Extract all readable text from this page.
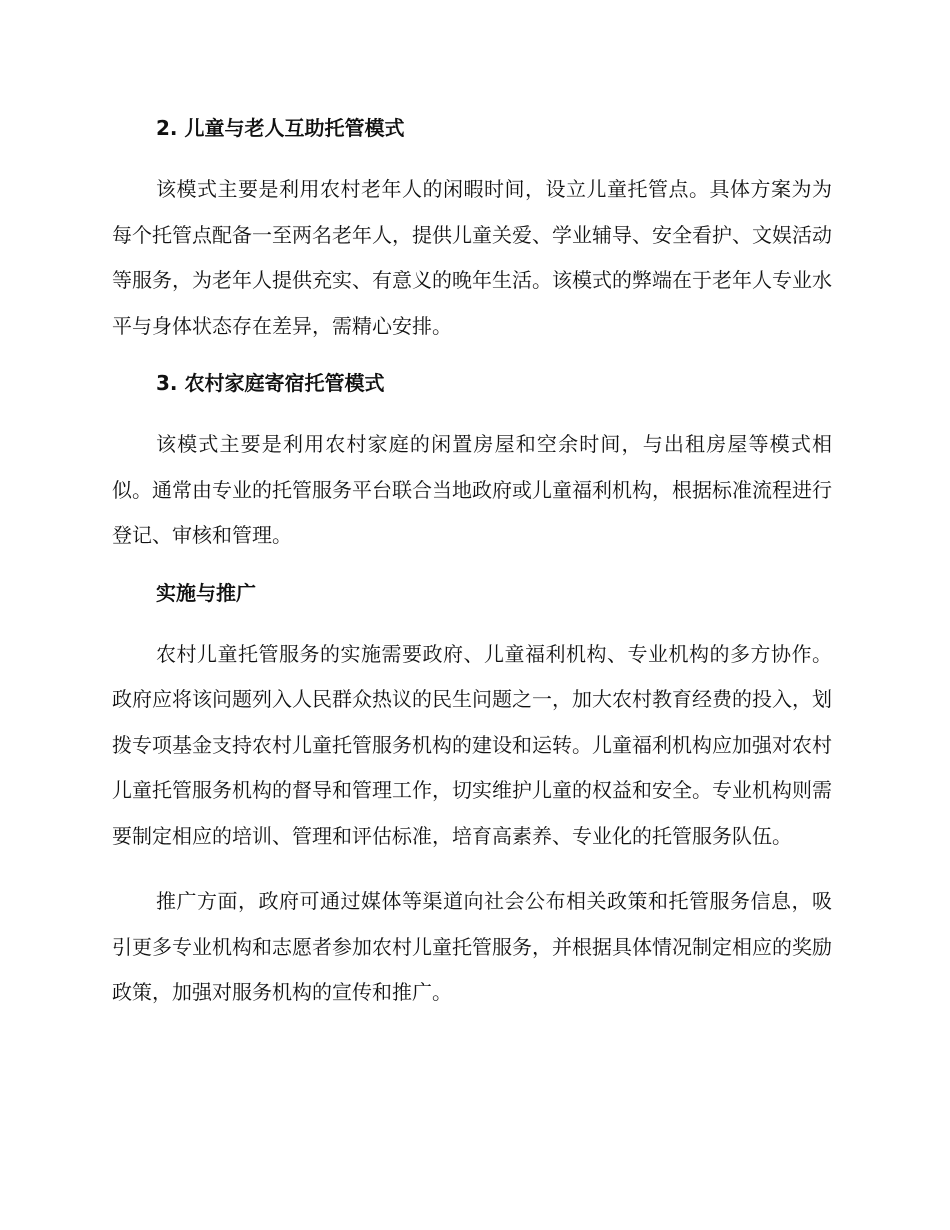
2. 儿童与老人互助托管模式

该模式主要是利用农村老年人的闲暇时间，设立儿童托管点。具体方案为为每个托管点配备一至两名老年人，提供儿童关爱、学业辅导、安全看护、文娱活动等服务，为老年人提供充实、有意义的晚年生活。该模式的弊端在于老年人专业水平与身体状态存在差异，需精心安排。

3. 农村家庭寄宿托管模式

该模式主要是利用农村家庭的闲置房屋和空余时间，与出租房屋等模式相似。通常由专业的托管服务平台联合当地政府或儿童福利机构，根据标准流程进行登记、审核和管理。

实施与推广

农村儿童托管服务的实施需要政府、儿童福利机构、专业机构的多方协作。政府应将该问题列入人民群众热议的民生问题之一，加大农村教育经费的投入，划拨专项基金支持农村儿童托管服务机构的建设和运转。儿童福利机构应加强对农村儿童托管服务机构的督导和管理工作，切实维护儿童的权益和安全。专业机构则需要制定相应的培训、管理和评估标准，培育高素养、专业化的托管服务队伍。

推广方面，政府可通过媒体等渠道向社会公布相关政策和托管服务信息，吸引更多专业机构和志愿者参加农村儿童托管服务，并根据具体情况制定相应的奖励政策，加强对服务机构的宣传和推广。
